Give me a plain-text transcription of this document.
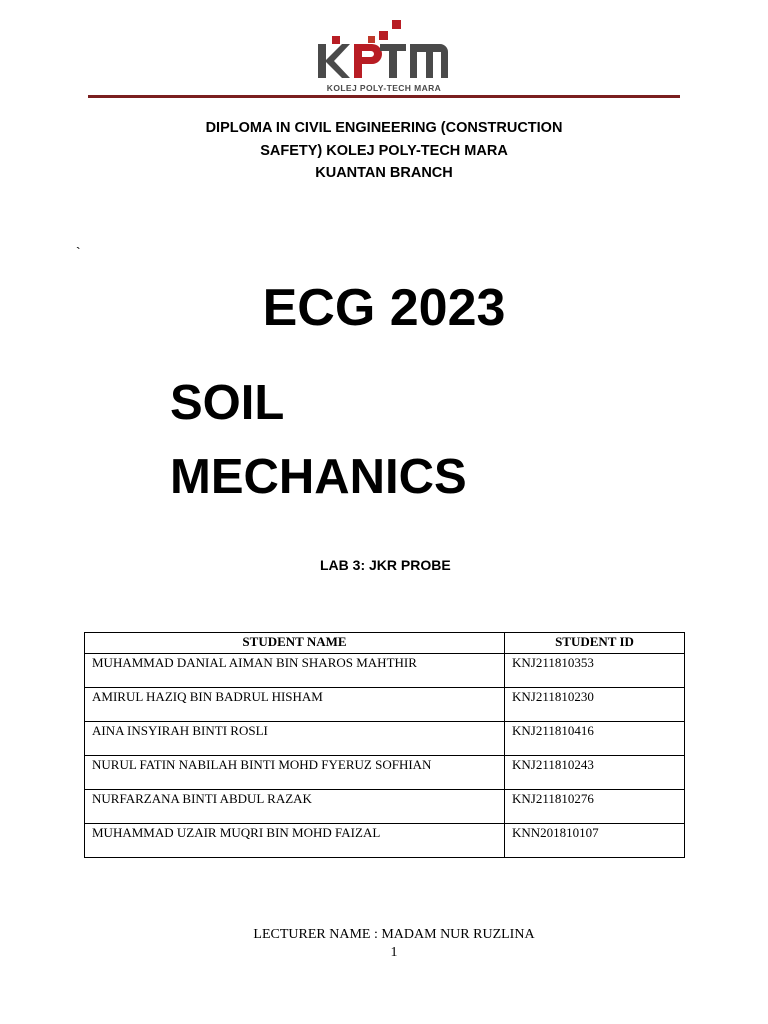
KOLEJ POLY-TECH MARA
DIPLOMA IN CIVIL ENGINEERING (CONSTRUCTION
SAFETY) KOLEJ POLY-TECH MARA
KUANTAN BRANCH
`
ECG 2023
SOIL
MECHANICS
LAB 3: JKR PROBE
STUDENT NAME	STUDENT ID
MUHAMMAD DANIAL AIMAN BIN SHAROS MAHTHIR	KNJ211810353
AMIRUL HAZIQ BIN BADRUL HISHAM	KNJ211810230
AINA INSYIRAH BINTI ROSLI	KNJ211810416
NURUL FATIN NABILAH BINTI MOHD FYERUZ SOFHIAN	KNJ211810243
NURFARZANA BINTI ABDUL RAZAK	KNJ211810276
MUHAMMAD UZAIR MUQRI BIN MOHD FAIZAL	KNN201810107
LECTURER NAME : MADAM NUR RUZLINA
1
